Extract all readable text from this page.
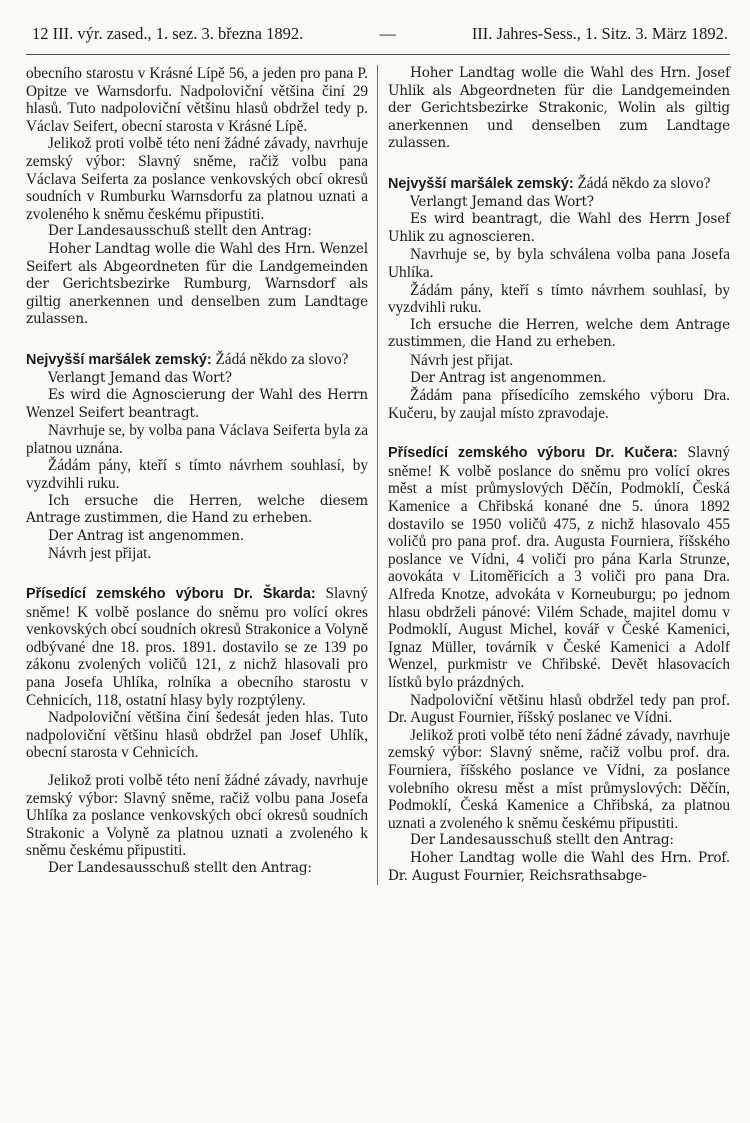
12 III. výr. zased., 1. sez. 3. března 1892.	—	III. Jahres-Sess., 1. Sitz. 3. März 1892.

obecního starostu v Krásné Lípě 56, a jeden pro pana P. Opitze ve Warnsdorfu. Nadpoloviční většina činí 29 hlasů. Tuto nadpoloviční většinu hlasů obdržel tedy p. Václav Seifert, obecní starosta v Krásné Lípě.

Jelikož proti volbě této není žádné závady, navrhuje zemský výbor: Slavný sněme, račiž volbu pana Václava Seiferta za poslance venkovských obcí okresů soudních v Rumburku Warnsdorfu za platnou uznati a zvoleného k sněmu českému připustiti.

Der Landesausschuß stellt den Antrag:

Hoher Landtag wolle die Wahl des Hrn. Wenzel Seifert als Abgeordneten für die Landgemeinden der Gerichtsbezirke Rumburg, Warnsdorf als giltig anerkennen und denselben zum Landtage zulassen.

Nejvyšší maršálek zemský: Žádá někdo za slovo?

Verlangt Jemand das Wort?

Es wird die Agnoscierung der Wahl des Herrn Wenzel Seifert beantragt.

Navrhuje se, by volba pana Václava Seiferta byla za platnou uznána.

Žádám pány, kteří s tímto návrhem souhlasí, by vyzdvihli ruku.

Ich ersuche die Herren, welche diesem Antrage zustimmen, die Hand zu erheben.

Der Antrag ist angenommen.

Návrh jest přijat.

Přísedící zemského výboru Dr. Škarda: Slavný sněme! K volbě poslance do sněmu pro volící okres venkovských obcí soudních okresů Strakonice a Volyně odbývané dne 18. pros. 1891. dostavilo se ze 139 po zákonu zvolených voličů 121, z nichž hlasovali pro pana Josefa Uhlíka, rolníka a obecního starostu v Cehnicích, 118, ostatní hlasy byly rozptýleny.

Nadpoloviční většina činí šedesát jeden hlas. Tuto nadpoloviční většinu hlasů obdržel pan Josef Uhlík, obecní starosta v Cehnicích.

Jelikož proti volbě této není žádné závady, navrhuje zemský výbor: Slavný sněme, račiž volbu pana Josefa Uhlíka za poslance venkovských obcí okresů soudních Strakonic a Volyně za platnou uznati a zvoleného k sněmu českému připustiti.

Der Landesausschuß stellt den Antrag:

Hoher Landtag wolle die Wahl des Hrn. Josef Uhlik als Abgeordneten für die Landgemeinden der Gerichtsbezirke Strakonic, Wolin als giltig anerkennen und denselben zum Landtage zulassen.

Nejvyšší maršálek zemský: Žádá někdo za slovo?

Verlangt Jemand das Wort?

Es wird beantragt, die Wahl des Herrn Josef Uhlik zu agnoscieren.

Navrhuje se, by byla schválena volba pana Josefa Uhlíka.

Žádám pány, kteří s tímto návrhem souhlasí, by vyzdvihli ruku.

Ich ersuche die Herren, welche dem Antrage zustimmen, die Hand zu erheben.

Návrh jest přijat.

Der Antrag ist angenommen.

Žádám pana přísedícího zemského výboru Dra. Kučeru, by zaujal místo zpravodaje.

Přísedící zemského výboru Dr. Kučera: Slavný sněme! K volbě poslance do sněmu pro volící okres měst a míst průmyslových Děčín, Podmoklí, Česká Kamenice a Chřibská konané dne 5. února 1892 dostavilo se 1950 voličů 475, z nichž hlasovalo 455 voličů pro pana prof. dra. Augusta Fourniera, říšského poslance ve Vídni, 4 voliči pro pána Karla Strunze, aovokáta v Litoměřicích a 3 voliči pro pana Dra. Alfreda Knotze, advokáta v Korneuburgu; po jednom hlasu obdrželi pánové: Vilém Schade, majitel domu v Podmoklí, August Michel, kovář v České Kamenici, Ignaz Müller, továrník v České Kamenici a Adolf Wenzel, purkmistr ve Chřibské. Devět hlasovacích lístků bylo prázdných.

Nadpoloviční většinu hlasů obdržel tedy pan prof. Dr. August Fournier, říšský poslanec ve Vídni.

Jelikož proti volbě této není žádné závady, navrhuje zemský výbor: Slavný sněme, račiž volbu prof. dra. Fourniera, říšského poslance ve Vídni, za poslance volebního okresu měst a míst průmyslových: Děčín, Podmoklí, Česká Kamenice a Chřibská, za platnou uznati a zvoleného k sněmu českému připustiti.

Der Landesausschuß stellt den Antrag:

Hoher Landtag wolle die Wahl des Hrn. Prof. Dr. August Fournier, Reichsrathsabge-
